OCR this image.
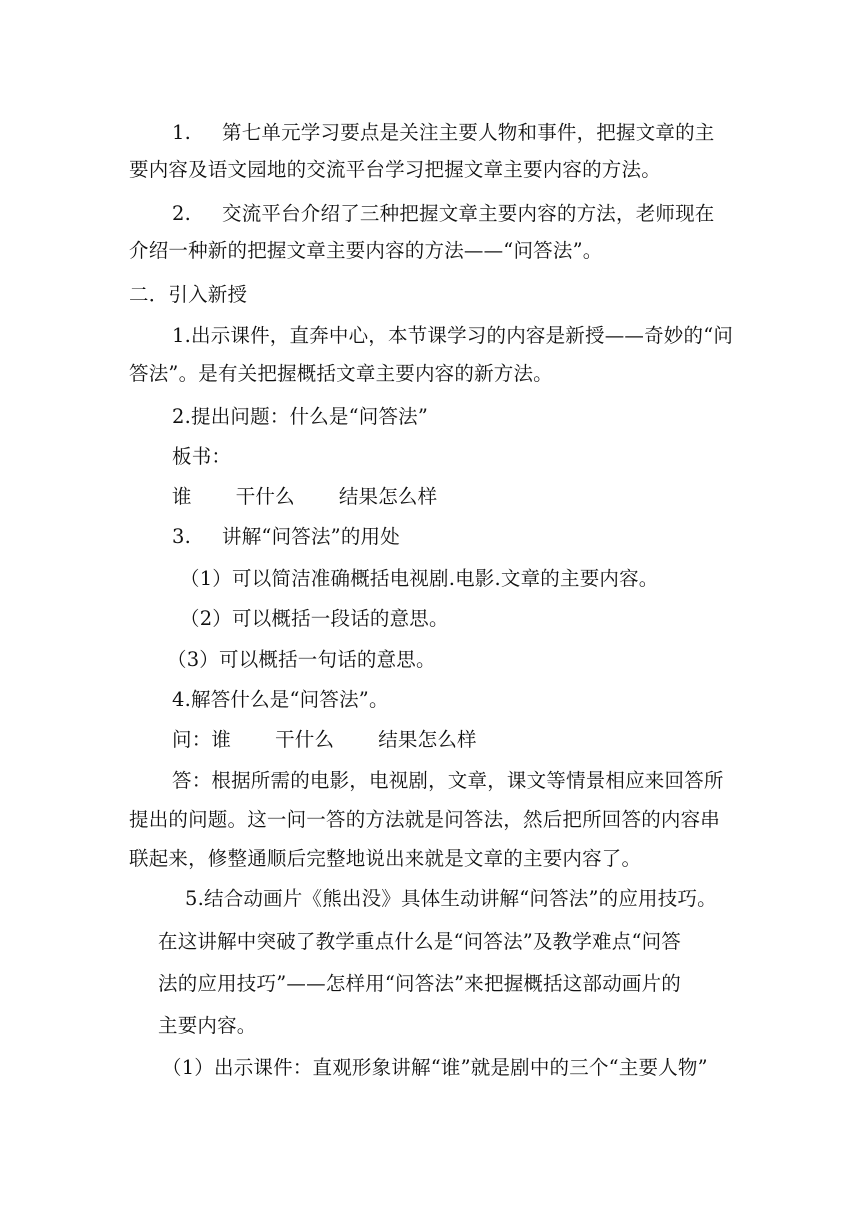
1. 第七单元学习要点是关注主要人物和事件，把握文章的主
要内容及语文园地的交流平台学习把握文章主要内容的方法。
2. 交流平台介绍了三种把握文章主要内容的方法，老师现在
介绍一种新的把握文章主要内容的方法——“问答法”。
二．引入新授
1.出示课件，直奔中心，本节课学习的内容是新授——奇妙的“问
答法”。是有关把握概括文章主要内容的新方法。
2.提出问题：什么是“问答法”
板书：
谁 干什么 结果怎么样
3. 讲解“问答法”的用处
（1）可以简洁准确概括电视剧.电影.文章的主要内容。
（2）可以概括一段话的意思。
（3）可以概括一句话的意思。
4.解答什么是“问答法”。
问：谁 干什么 结果怎么样
答：根据所需的电影，电视剧，文章，课文等情景相应来回答所
提出的问题。这一问一答的方法就是问答法，然后把所回答的内容串
联起来，修整通顺后完整地说出来就是文章的主要内容了。
5.结合动画片《熊出没》具体生动讲解“问答法”的应用技巧。
在这讲解中突破了教学重点什么是“问答法”及教学难点“问答
法的应用技巧”——怎样用“问答法”来把握概括这部动画片的
主要内容。
（1）出示课件：直观形象讲解“谁”就是剧中的三个“主要人物”
